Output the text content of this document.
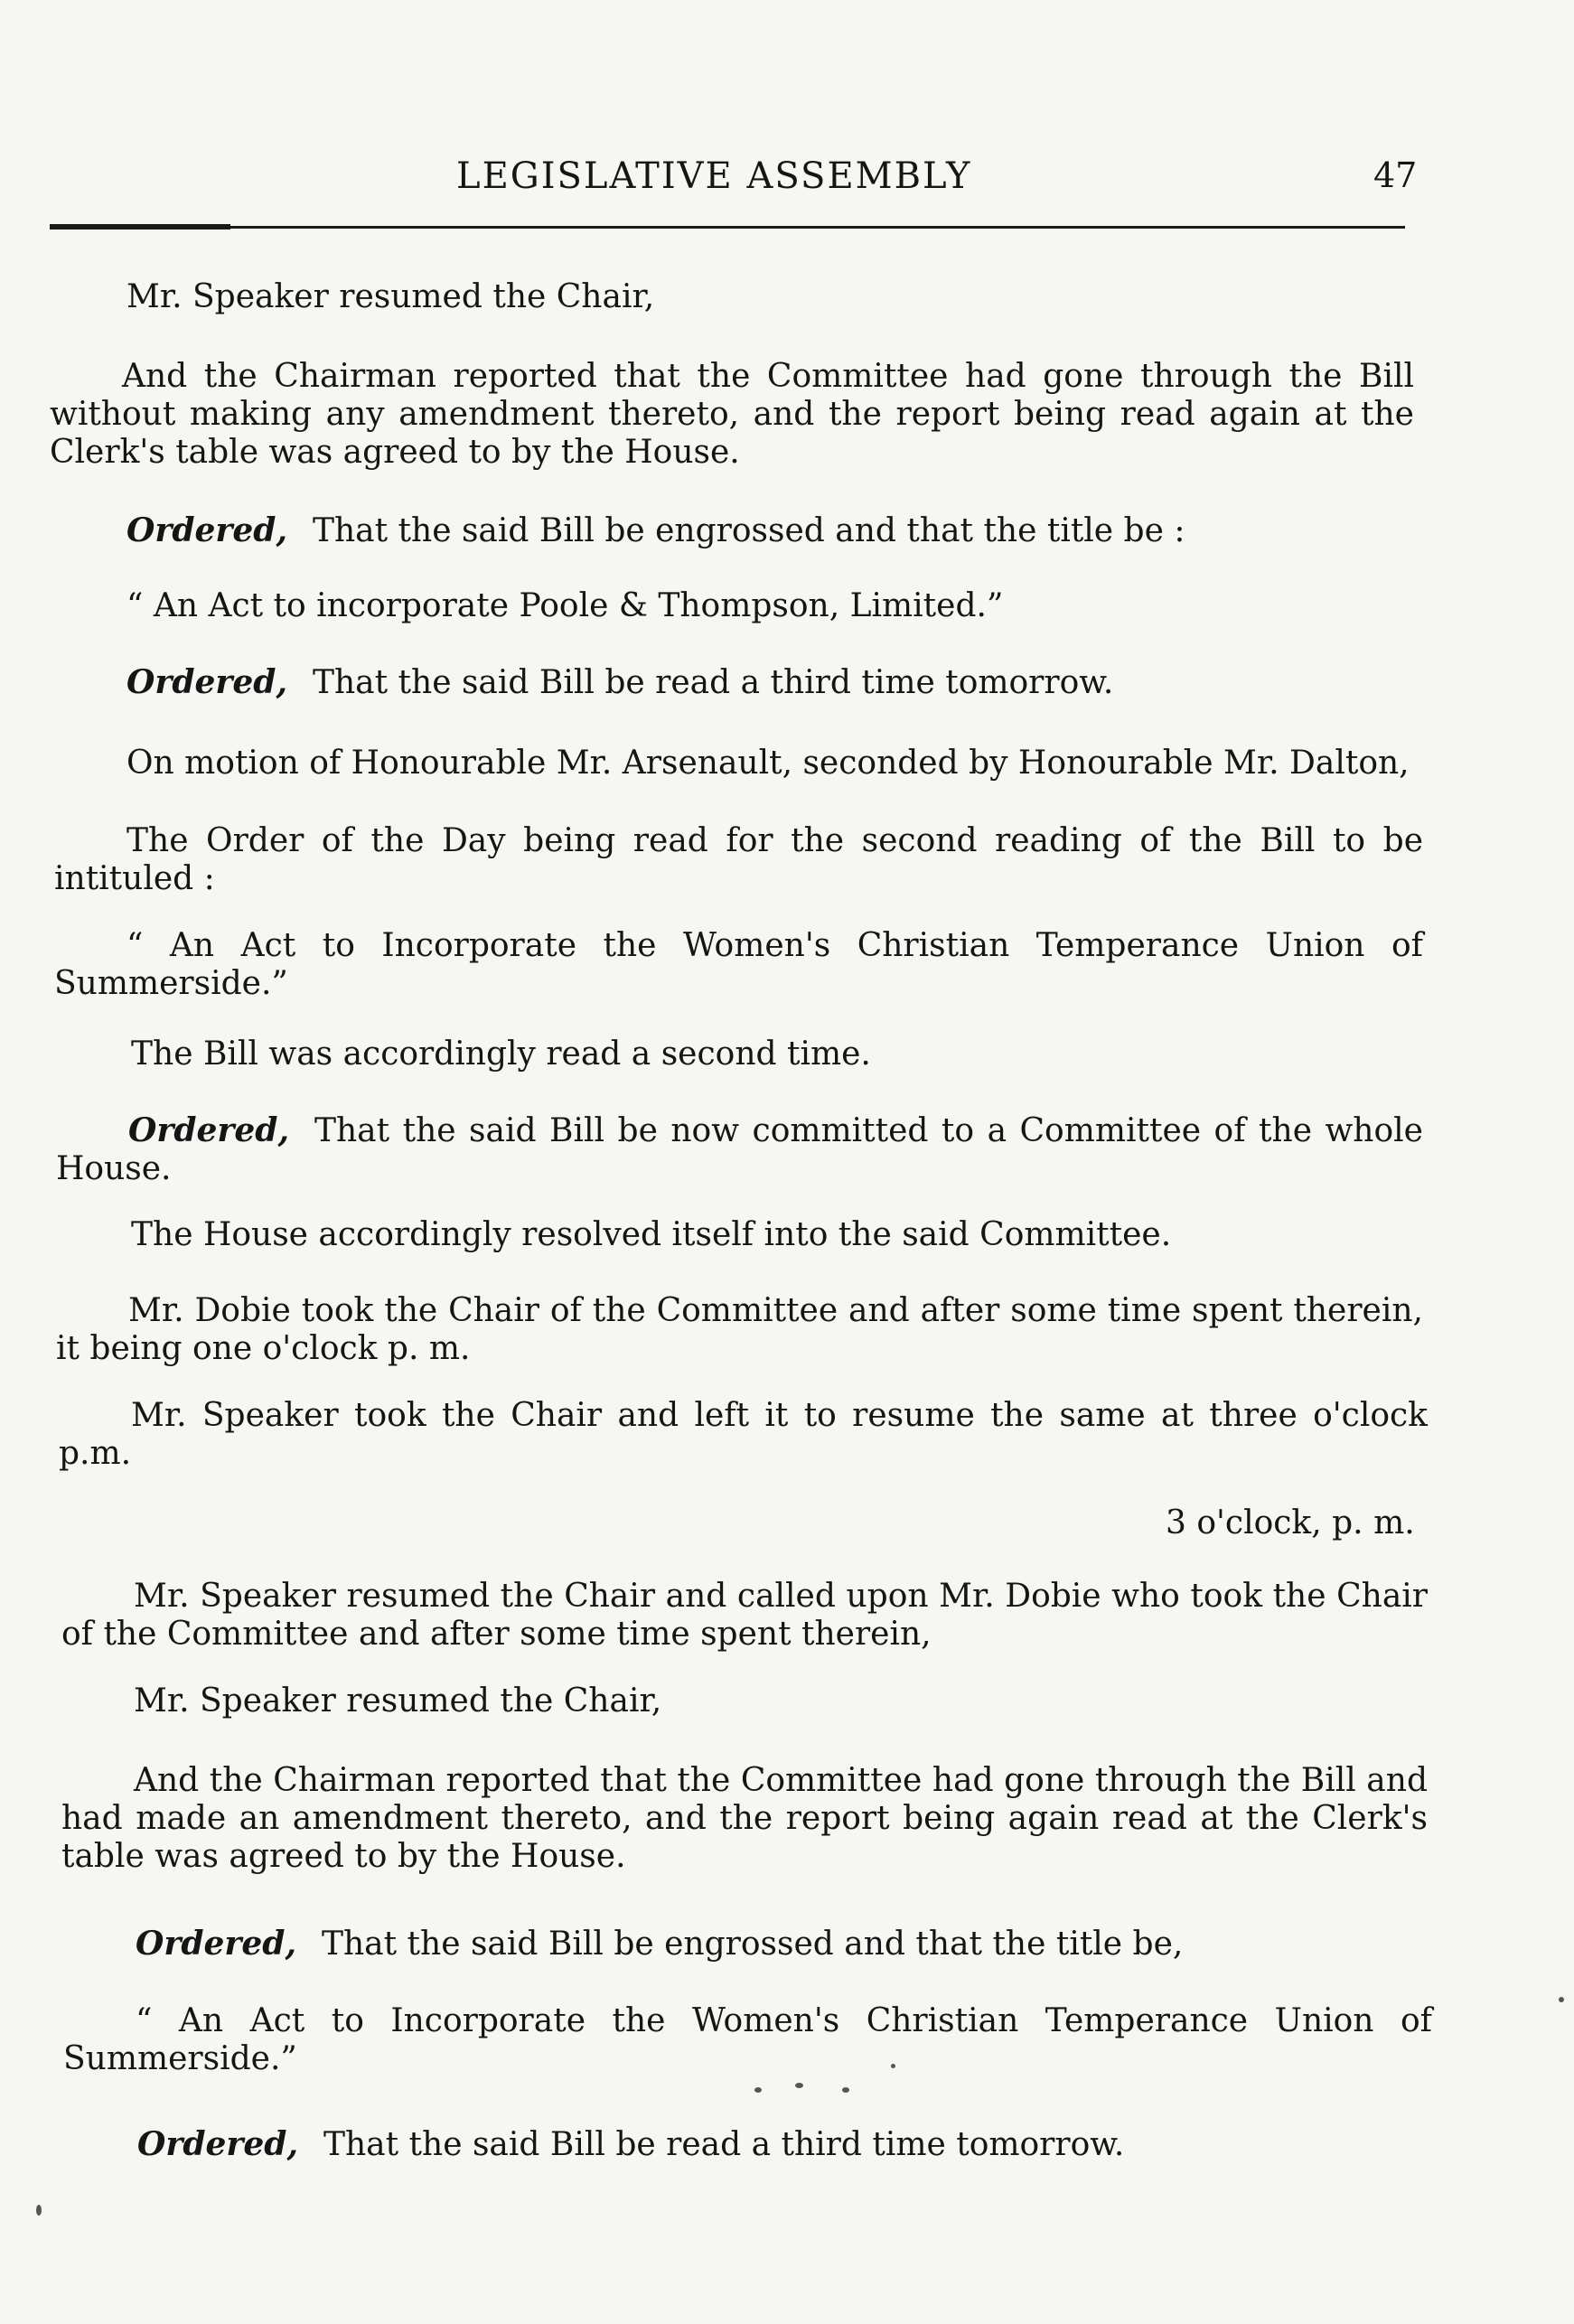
LEGISLATIVE ASSEMBLY	47

Mr. Speaker resumed the Chair,

And the Chairman reported that the Committee had gone through the Bill without making any amendment thereto, and the report being read again at the Clerk's table was agreed to by the House.

Ordered, That the said Bill be engrossed and that the title be :

“ An Act to incorporate Poole & Thompson, Limited.”

Ordered, That the said Bill be read a third time tomorrow.

On motion of Honourable Mr. Arsenault, seconded by Honourable Mr. Dalton,

The Order of the Day being read for the second reading of the Bill to be intituled :

“ An Act to Incorporate the Women's Christian Temperance Union of Summerside.”

The Bill was accordingly read a second time.

Ordered, That the said Bill be now committed to a Committee of the whole House.

The House accordingly resolved itself into the said Committee.

Mr. Dobie took the Chair of the Committee and after some time spent therein, it being one o'clock p. m.

Mr. Speaker took the Chair and left it to resume the same at three o'clock p.m.

3 o'clock, p. m.

Mr. Speaker resumed the Chair and called upon Mr. Dobie who took the Chair of the Committee and after some time spent therein,

Mr. Speaker resumed the Chair,

And the Chairman reported that the Committee had gone through the Bill and had made an amendment thereto, and the report being again read at the Clerk's table was agreed to by the House.

Ordered, That the said Bill be engrossed and that the title be,

“ An Act to Incorporate the Women's Christian Temperance Union of Summerside.”

Ordered, That the said Bill be read a third time tomorrow.
